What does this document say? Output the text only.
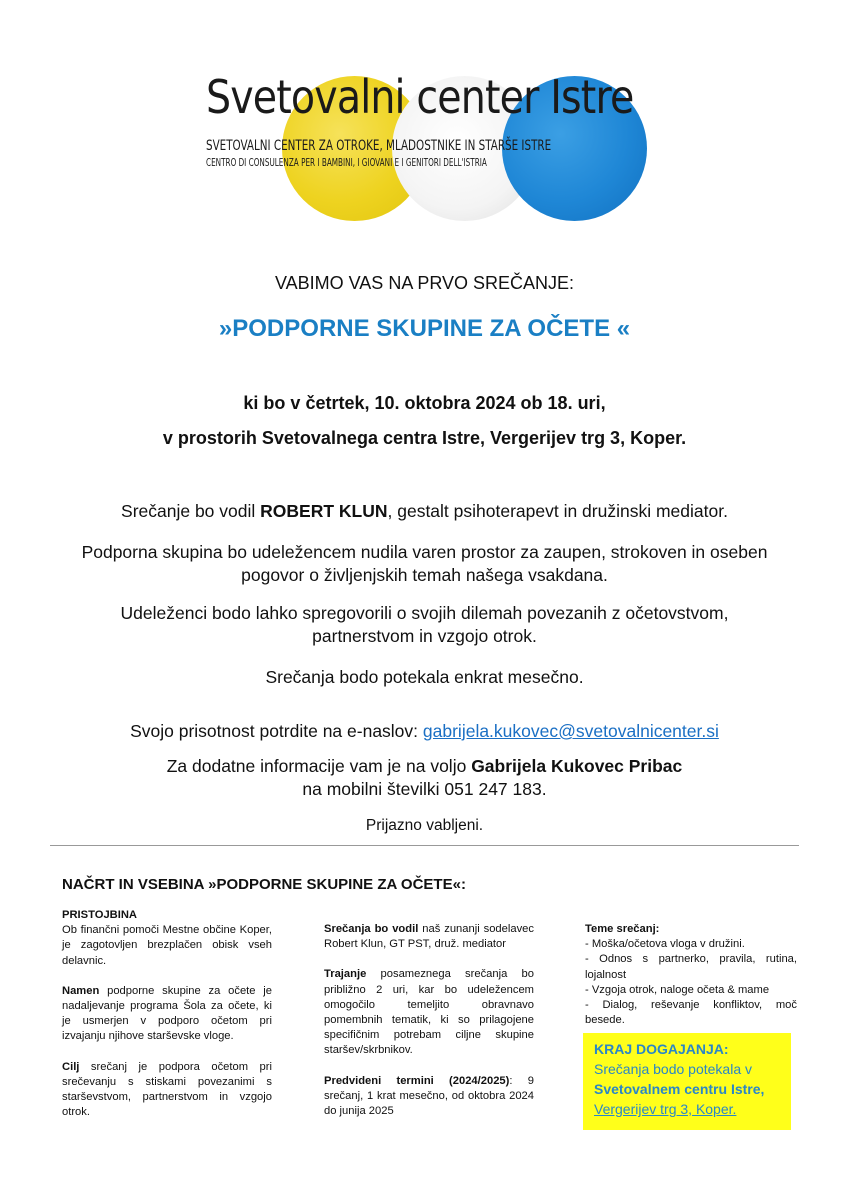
Svetovalni center Istre
SVETOVALNI CENTER ZA OTROKE, MLADOSTNIKE IN STARŠE ISTRE
CENTRO DI CONSULENZA PER I BAMBINI, I GIOVANI E I GENITORI DELL'ISTRIA
VABIMO VAS NA PRVO SREČANJE:
»PODPORNE SKUPINE ZA OČETE «
ki bo v četrtek, 10. oktobra 2024 ob 18. uri,
v prostorih Svetovalnega centra Istre, Vergerijev trg 3, Koper.
Srečanje bo vodil ROBERT KLUN, gestalt psihoterapevt in družinski mediator.
Podporna skupina bo udeležencem nudila varen prostor za zaupen, strokoven in oseben pogovor o življenjskih temah našega vsakdana.
Udeleženci bodo lahko spregovorili o svojih dilemah povezanih z očetovstvom, partnerstvom in vzgojo otrok.
Srečanja bodo potekala enkrat mesečno.
Svojo prisotnost potrdite na e-naslov: gabrijela.kukovec@svetovalnicenter.si
Za dodatne informacije vam je na voljo Gabrijela Kukovec Pribac
na mobilni številki 051 247 183.
Prijazno vabljeni.
NAČRT IN VSEBINA »PODPORNE SKUPINE ZA OČETE«:
PRISTOJBINA
Ob finančni pomoči Mestne občine Koper, je zagotovljen brezplačen obisk vseh delavnic.
Namen podporne skupine za očete je nadaljevanje programa Šola za očete, ki je usmerjen v podporo očetom pri izvajanju njihove starševske vloge.
Cilj srečanj je podpora očetom pri srečevanju s stiskami povezanimi s starševstvom, partnerstvom in vzgojo otrok.
Srečanja bo vodil naš zunanji sodelavec Robert Klun, GT PST, druž. mediator
Trajanje posameznega srečanja bo približno 2 uri, kar bo udeležencem omogočilo temeljito obravnavo pomembnih tematik, ki so prilagojene specifičnim potrebam ciljne skupine staršev/skrbnikov.
Predvideni termini (2024/2025): 9 srečanj, 1 krat mesečno, od oktobra 2024 do junija 2025
Teme srečanj:
- Moška/očetova vloga v družini.
- Odnos s partnerko, pravila, rutina, lojalnost
- Vzgoja otrok, naloge očeta & mame
- Dialog, reševanje konfliktov, moč besede.
KRAJ DOGAJANJA:
Srečanja bodo potekala v
Svetovalnem centru Istre,
Vergerijev trg 3, Koper.
